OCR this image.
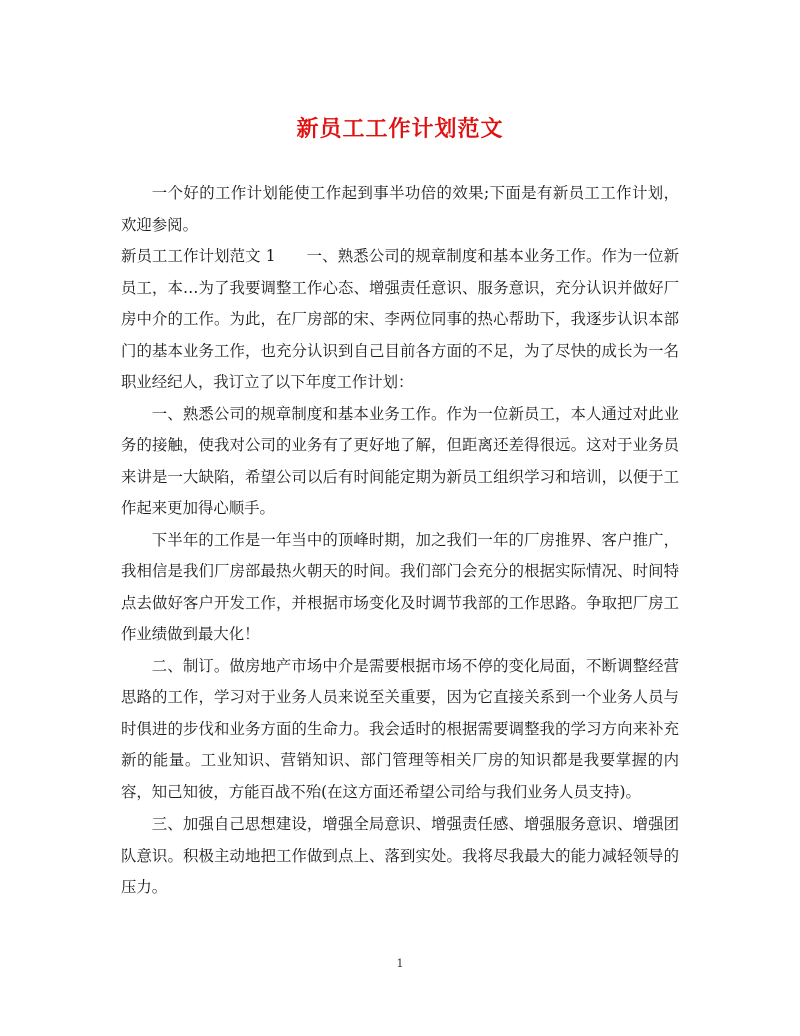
新员工工作计划范文

一个好的工作计划能使工作起到事半功倍的效果;下面是有新员工工作计划，欢迎参阅。

新员工工作计划范文 1　　一、熟悉公司的规章制度和基本业务工作。作为一位新员工，本…为了我要调整工作心态、增强责任意识、服务意识，充分认识并做好厂房中介的工作。为此，在厂房部的宋、李两位同事的热心帮助下，我逐步认识本部门的基本业务工作，也充分认识到自己目前各方面的不足，为了尽快的成长为一名职业经纪人，我订立了以下年度工作计划：

一、熟悉公司的规章制度和基本业务工作。作为一位新员工，本人通过对此业务的接触，使我对公司的业务有了更好地了解，但距离还差得很远。这对于业务员来讲是一大缺陷，希望公司以后有时间能定期为新员工组织学习和培训，以便于工作起来更加得心顺手。

下半年的工作是一年当中的顶峰时期，加之我们一年的厂房推界、客户推广，我相信是我们厂房部最热火朝天的时间。我们部门会充分的根据实际情况、时间特点去做好客户开发工作，并根据市场变化及时调节我部的工作思路。争取把厂房工作业绩做到最大化！

二、制订。做房地产市场中介是需要根据市场不停的变化局面，不断调整经营思路的工作，学习对于业务人员来说至关重要，因为它直接关系到一个业务人员与时俱进的步伐和业务方面的生命力。我会适时的根据需要调整我的学习方向来补充新的能量。工业知识、营销知识、部门管理等相关厂房的知识都是我要掌握的内容，知己知彼，方能百战不殆(在这方面还希望公司给与我们业务人员支持)。

三、加强自己思想建设，增强全局意识、增强责任感、增强服务意识、增强团队意识。积极主动地把工作做到点上、落到实处。我将尽我最大的能力减轻领导的压力。

1
